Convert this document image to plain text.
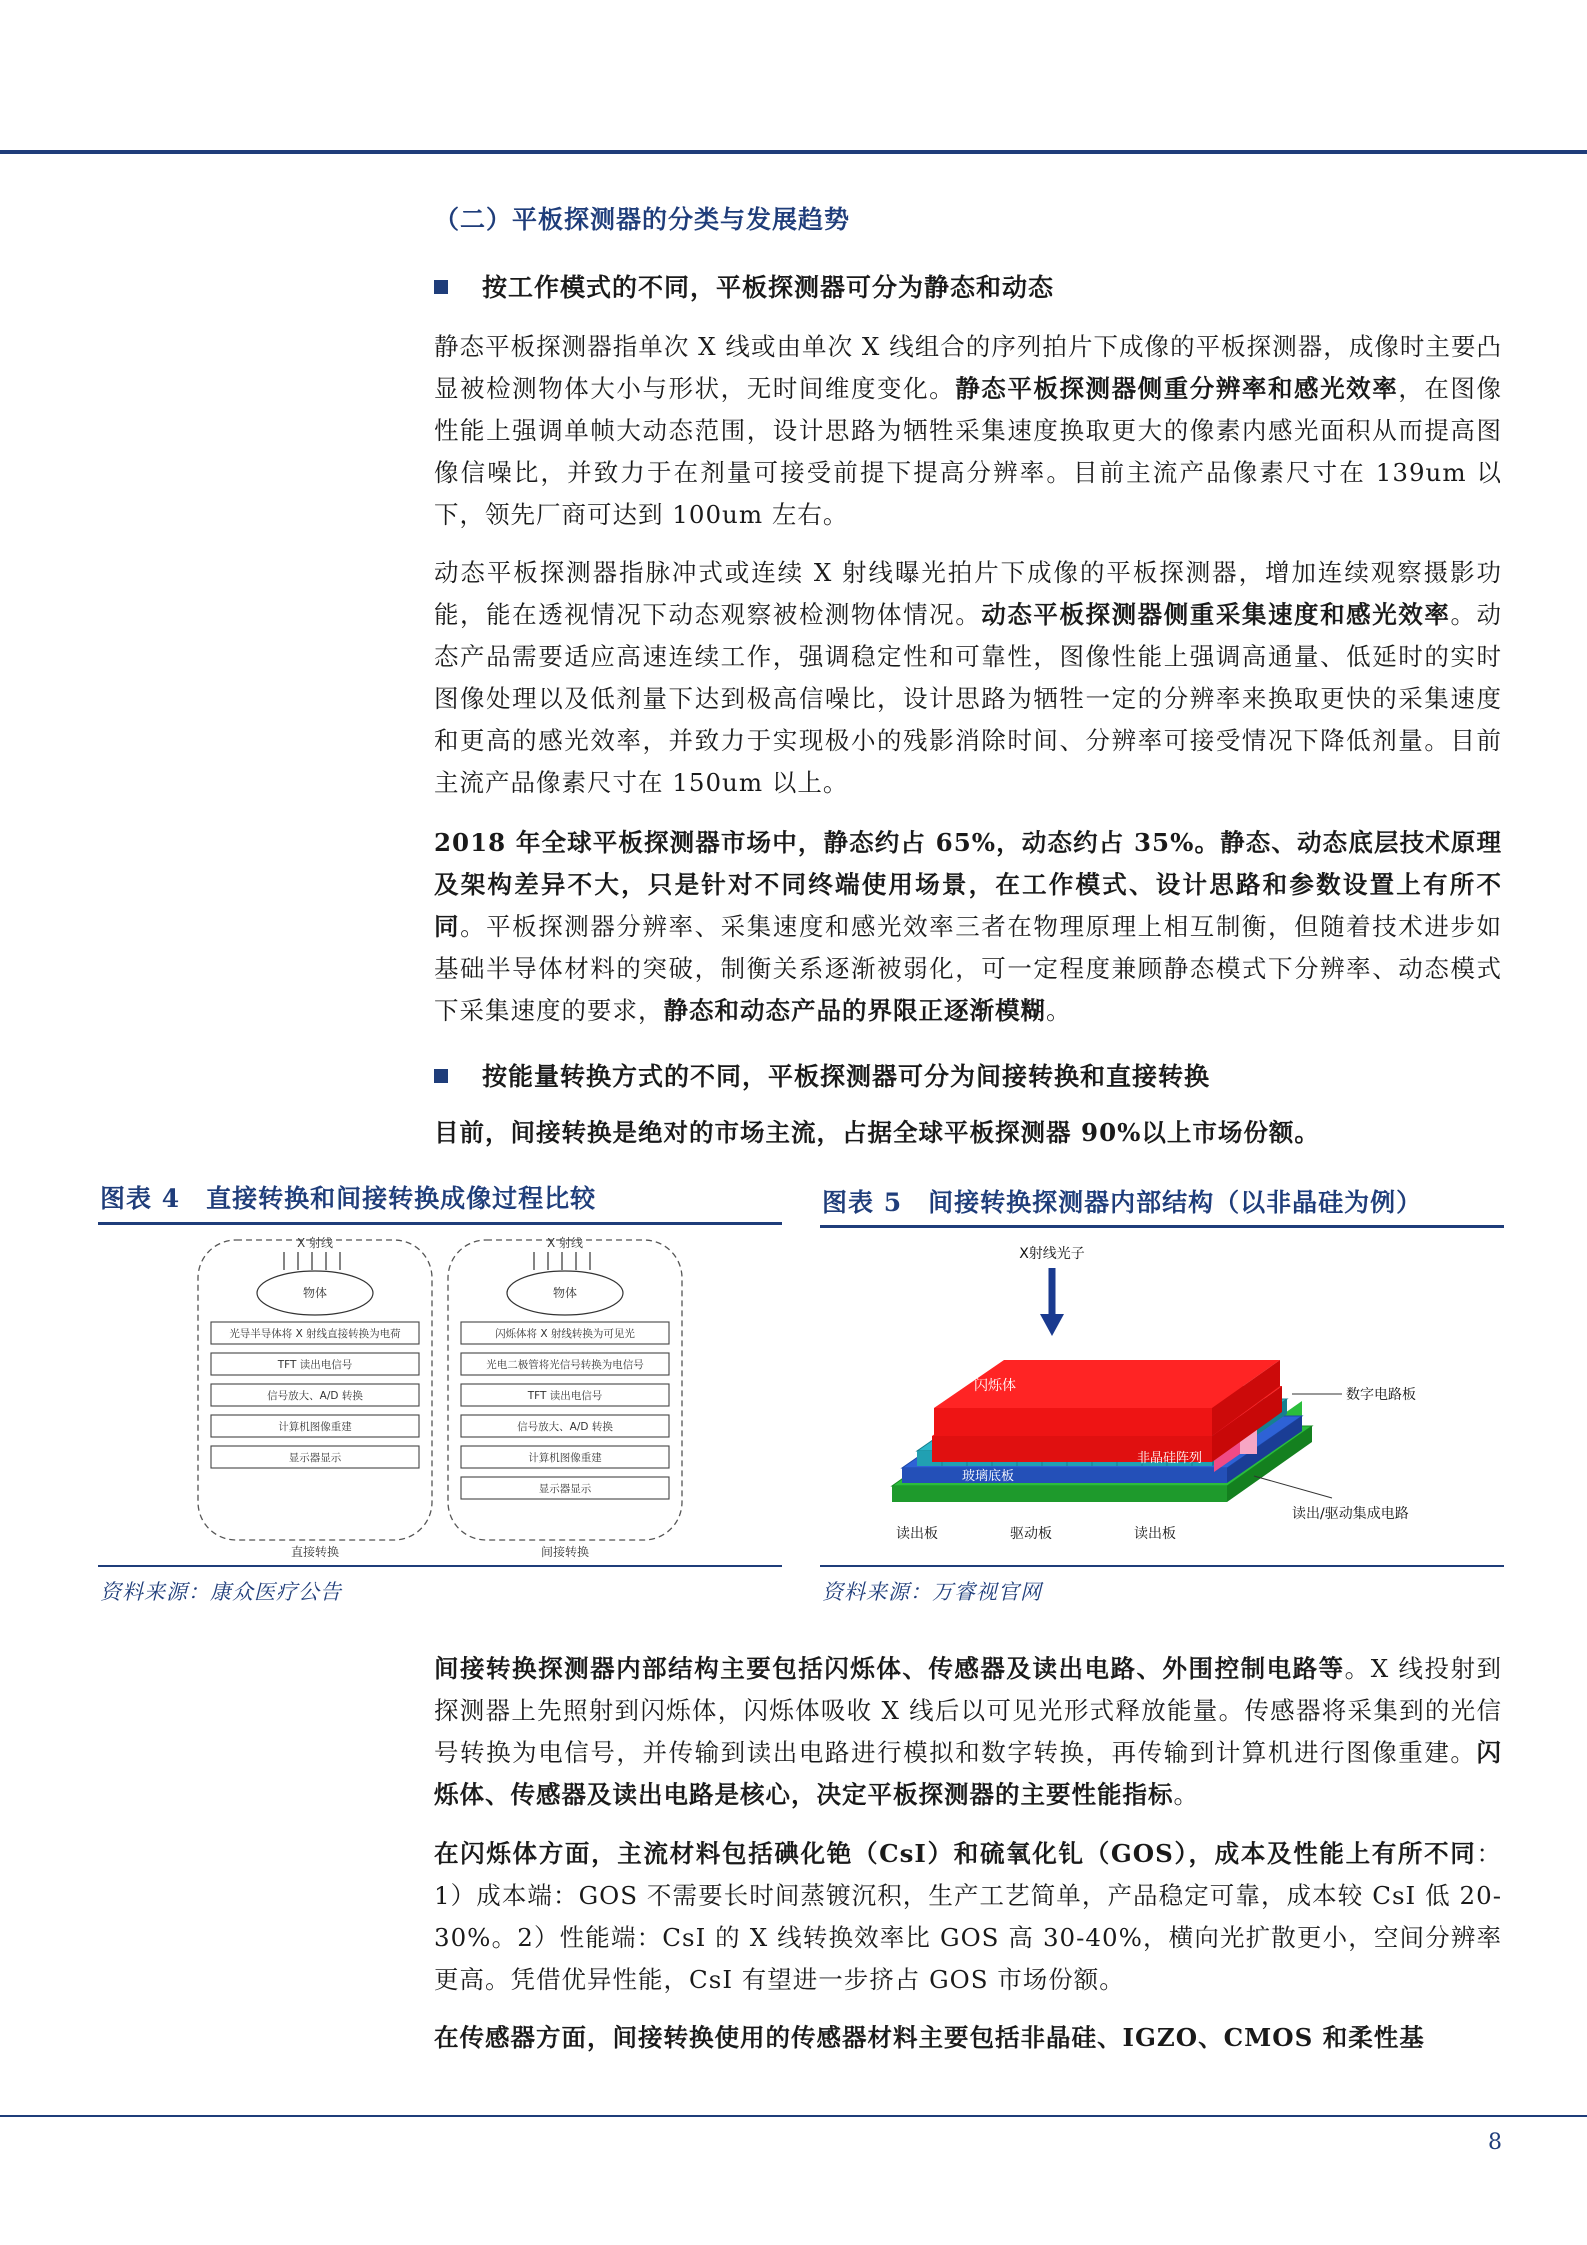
（二）平板探测器的分类与发展趋势
按工作模式的不同，平板探测器可分为静态和动态
静态平板探测器指单次 X 线或由单次 X 线组合的序列拍片下成像的平板探测器，成像时主要凸显被检测物体大小与形状，无时间维度变化。静态平板探测器侧重分辨率和感光效率，在图像性能上强调单帧大动态范围，设计思路为牺牲采集速度换取更大的像素内感光面积从而提高图像信噪比，并致力于在剂量可接受前提下提高分辨率。目前主流产品像素尺寸在 139um 以下，领先厂商可达到 100um 左右。
动态平板探测器指脉冲式或连续 X 射线曝光拍片下成像的平板探测器，增加连续观察摄影功能，能在透视情况下动态观察被检测物体情况。动态平板探测器侧重采集速度和感光效率。动态产品需要适应高速连续工作，强调稳定性和可靠性，图像性能上强调高通量、低延时的实时图像处理以及低剂量下达到极高信噪比，设计思路为牺牲一定的分辨率来换取更快的采集速度和更高的感光效率，并致力于实现极小的残影消除时间、分辨率可接受情况下降低剂量。目前主流产品像素尺寸在 150um 以上。
2018 年全球平板探测器市场中，静态约占 65%，动态约占 35%。静态、动态底层技术原理及架构差异不大，只是针对不同终端使用场景，在工作模式、设计思路和参数设置上有所不同。平板探测器分辨率、采集速度和感光效率三者在物理原理上相互制衡，但随着技术进步如基础半导体材料的突破，制衡关系逐渐被弱化，可一定程度兼顾静态模式下分辨率、动态模式下采集速度的要求，静态和动态产品的界限正逐渐模糊。
按能量转换方式的不同，平板探测器可分为间接转换和直接转换
目前，间接转换是绝对的市场主流，占据全球平板探测器 90%以上市场份额。
图表 4　直接转换和间接转换成像过程比较
X 射线
物体
光导半导体将 X 射线直接转换为电荷
TFT 读出电信号
信号放大、A/D 转换
计算机图像重建
显示器显示
直接转换
X 射线
物体
闪烁体将 X 射线转换为可见光
光电二极管将光信号转换为电信号
TFT 读出电信号
信号放大、A/D 转换
计算机图像重建
显示器显示
间接转换
资料来源：康众医疗公告
图表 5　间接转换探测器内部结构（以非晶硅为例）
X射线光子
闪烁体
非晶硅阵列
玻璃底板
数字电路板
读出/驱动集成电路
读出板	驱动板	读出板
资料来源：万睿视官网
间接转换探测器内部结构主要包括闪烁体、传感器及读出电路、外围控制电路等。X 线投射到探测器上先照射到闪烁体，闪烁体吸收 X 线后以可见光形式释放能量。传感器将采集到的光信号转换为电信号，并传输到读出电路进行模拟和数字转换，再传输到计算机进行图像重建。闪烁体、传感器及读出电路是核心，决定平板探测器的主要性能指标。
在闪烁体方面，主流材料包括碘化铯（CsI）和硫氧化钆（GOS），成本及性能上有所不同：1）成本端：GOS 不需要长时间蒸镀沉积，生产工艺简单，产品稳定可靠，成本较 CsI 低 20-30%。2）性能端：CsI 的 X 线转换效率比 GOS 高 30-40%，横向光扩散更小，空间分辨率更高。凭借优异性能，CsI 有望进一步挤占 GOS 市场份额。
在传感器方面，间接转换使用的传感器材料主要包括非晶硅、IGZO、CMOS 和柔性基
8
